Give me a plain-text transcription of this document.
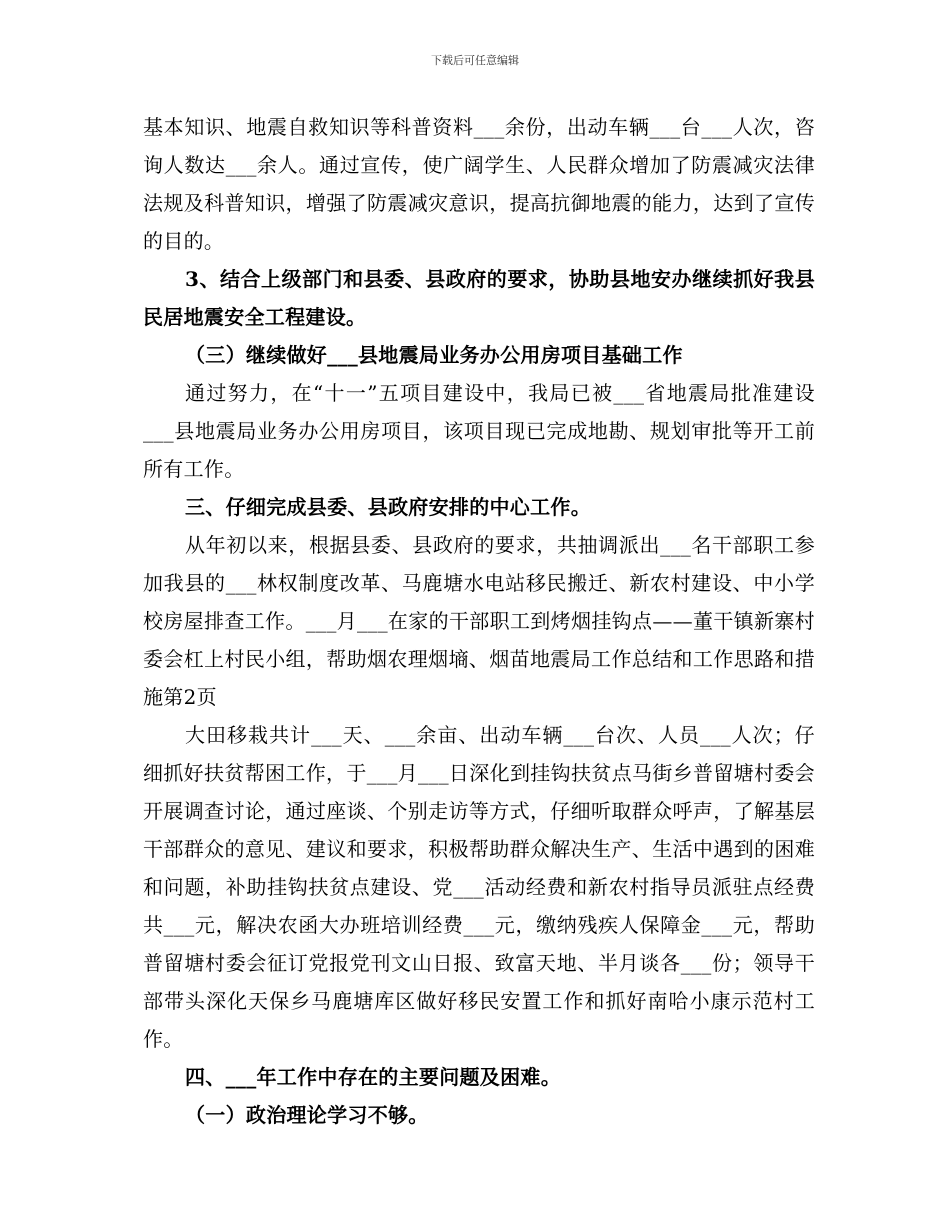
下载后可任意编辑

基本知识、地震自救知识等科普资料___余份，出动车辆___台___人次，咨询人数达___余人。通过宣传，使广阔学生、人民群众增加了防震减灾法律法规及科普知识，增强了防震减灾意识，提高抗御地震的能力，达到了宣传的目的。

3、结合上级部门和县委、县政府的要求，协助县地安办继续抓好我县民居地震安全工程建设。

（三）继续做好___县地震局业务办公用房项目基础工作

通过努力，在“十一”五项目建设中，我局已被___省地震局批准建设___县地震局业务办公用房项目，该项目现已完成地勘、规划审批等开工前所有工作。

三、仔细完成县委、县政府安排的中心工作。

从年初以来，根据县委、县政府的要求，共抽调派出___名干部职工参加我县的___林权制度改革、马鹿塘水电站移民搬迁、新农村建设、中小学校房屋排查工作。___月___在家的干部职工到烤烟挂钩点——董干镇新寨村委会杠上村民小组，帮助烟农理烟墒、烟苗地震局工作总结和工作思路和措施第2页

大田移栽共计___天、___余亩、出动车辆___台次、人员___人次；仔细抓好扶贫帮困工作，于___月___日深化到挂钩扶贫点马街乡普留塘村委会开展调查讨论，通过座谈、个别走访等方式，仔细听取群众呼声，了解基层干部群众的意见、建议和要求，积极帮助群众解决生产、生活中遇到的困难和问题，补助挂钩扶贫点建设、党___活动经费和新农村指导员派驻点经费共___元，解决农函大办班培训经费___元，缴纳残疾人保障金___元，帮助普留塘村委会征订党报党刊文山日报、致富天地、半月谈各___份；领导干部带头深化天保乡马鹿塘库区做好移民安置工作和抓好南哈小康示范村工作。

四、___年工作中存在的主要问题及困难。

（一）政治理论学习不够。
